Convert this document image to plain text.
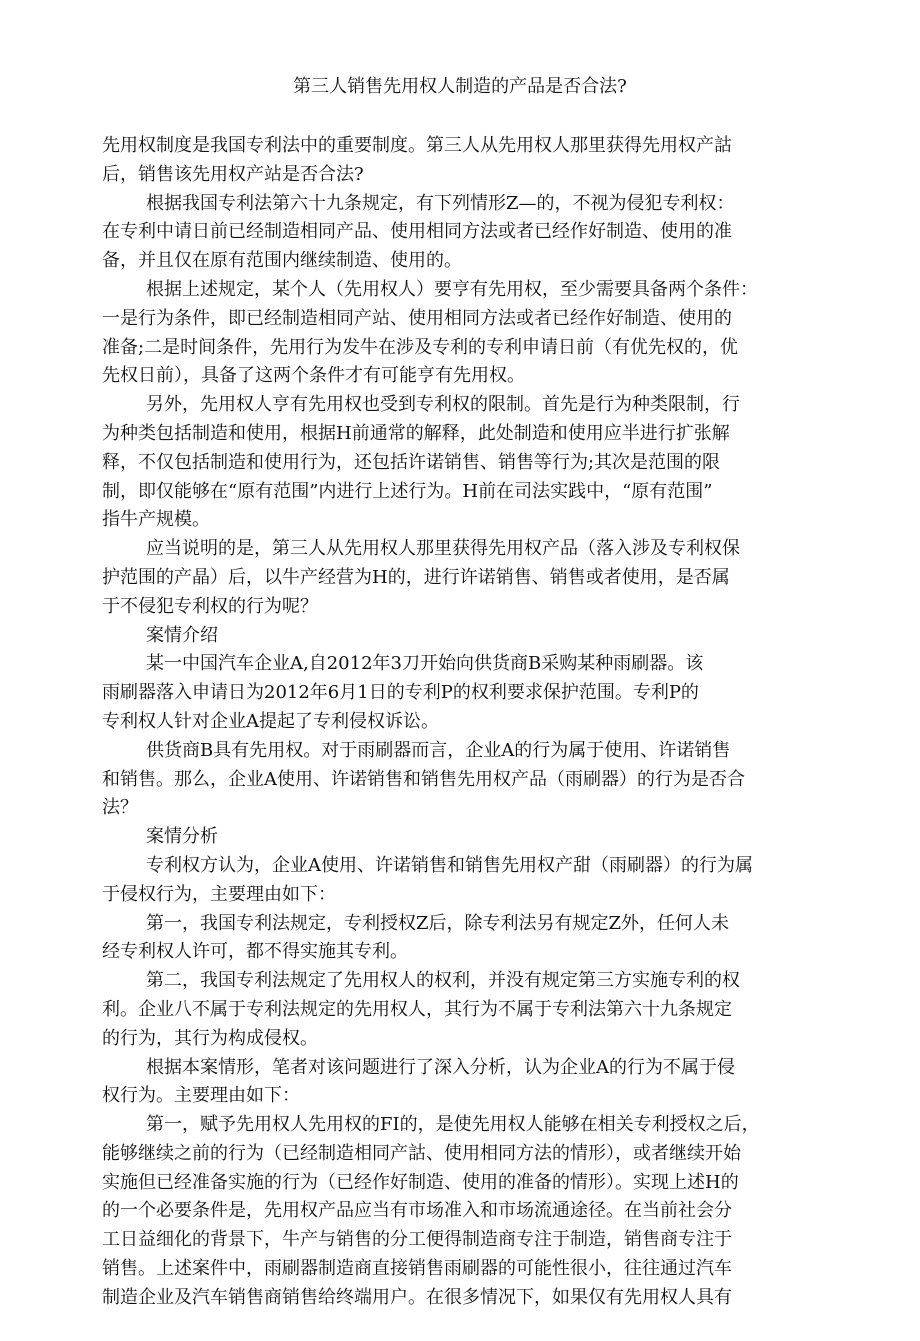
第三人销售先用权人制造的产品是否合法?
先用权制度是我国专利法中的重要制度。第三人从先用权人那里获得先用权产詁
后，销售该先用权产站是否合法?
根据我国专利法第六十九条规定，有下列情形Z—的，不视为侵犯专利权：
在专利中请日前已经制造相同产品、使用相同方法或者已经作好制造、使用的准
备，并且仅在原有范围内继续制造、使用的。
根据上述规定，某个人（先用权人）要亨有先用权，至少需要具备两个条件：
一是行为条件，即已经制造相同产站、使用相同方法或者已经作好制造、使用的
准备;二是时间条件，先用行为发牛在涉及专利的专利申请日前（有优先权的，优
先权日前），具备了这两个条件才有可能亨有先用权。
另外，先用权人亨有先用权也受到专利权的限制。首先是行为种类限制，行
为种类包括制造和使用，根据H前通常的解释，此处制造和使用应半进行扩张解
释，不仅包括制造和使用行为，还包括许诺销售、销售等行为;其次是范围的限
制，即仅能够在“原有范围”内进行上述行为。H前在司法实践中，“原有范围”
指牛产规模。
应当说明的是，第三人从先用权人那里获得先用权产品（落入涉及专利权保
护范围的产晶）后，以牛产经营为H的，进行许诺销售、销售或者使用，是否属
于不侵犯专利权的行为呢？
案情介绍
某一中国汽车企业A,自2012年3刀开始向供货商B采购某种雨刷器。该
雨刷器落入申请日为2012年6月1日的专利P的权利要求保护范围。专利P的
专利权人针对企业A提起了专利侵权诉讼。
供货商B具有先用权。对于雨刷器而言，企业A的行为属于使用、许诺销售
和销售。那么，企业A使用、许诺销售和销售先用权产品（雨刷器）的行为是否合
法？
案情分析
专利权方认为，企业A使用、许诺销售和销售先用权产甜（雨刷器）的行为属
于侵权行为，主要理由如下：
第一，我国专利法规定，专利授权Z后，除专利法另有规定Z外，任何人未
经专利权人许可，都不得实施其专利。
第二，我国专利法规定了先用权人的权利，并没有规定第三方实施专利的权
利。企业八不属于专利法规定的先用权人，其行为不属于专利法第六十九条规定
的行为，其行为构成侵权。
根据本案情形，笔者对该问题进行了深入分析，认为企业A的行为不属于侵
权行为。主要理由如下：
第一，赋予先用权人先用权的FI的，是使先用权人能够在相关专利授权之后，
能够继续之前的行为（已经制造相同产詁、使用相同方法的情形），或者继续开始
实施但已经准备实施的行为（已经作好制造、使用的准备的情形）。实现上述H的
的一个必要条件是，先用权产品应当有市场准入和市场流通途径。在当前社会分
工日益细化的背景下，牛产与销售的分工便得制造商专注于制造，销售商专注于
销售。上述案件中，雨刷器制造商直接销售雨刷器的可能性很小，往往通过汽车
制造企业及汽车销售商销售给终端用户。在很多情况下，如果仅有先用权人具有
